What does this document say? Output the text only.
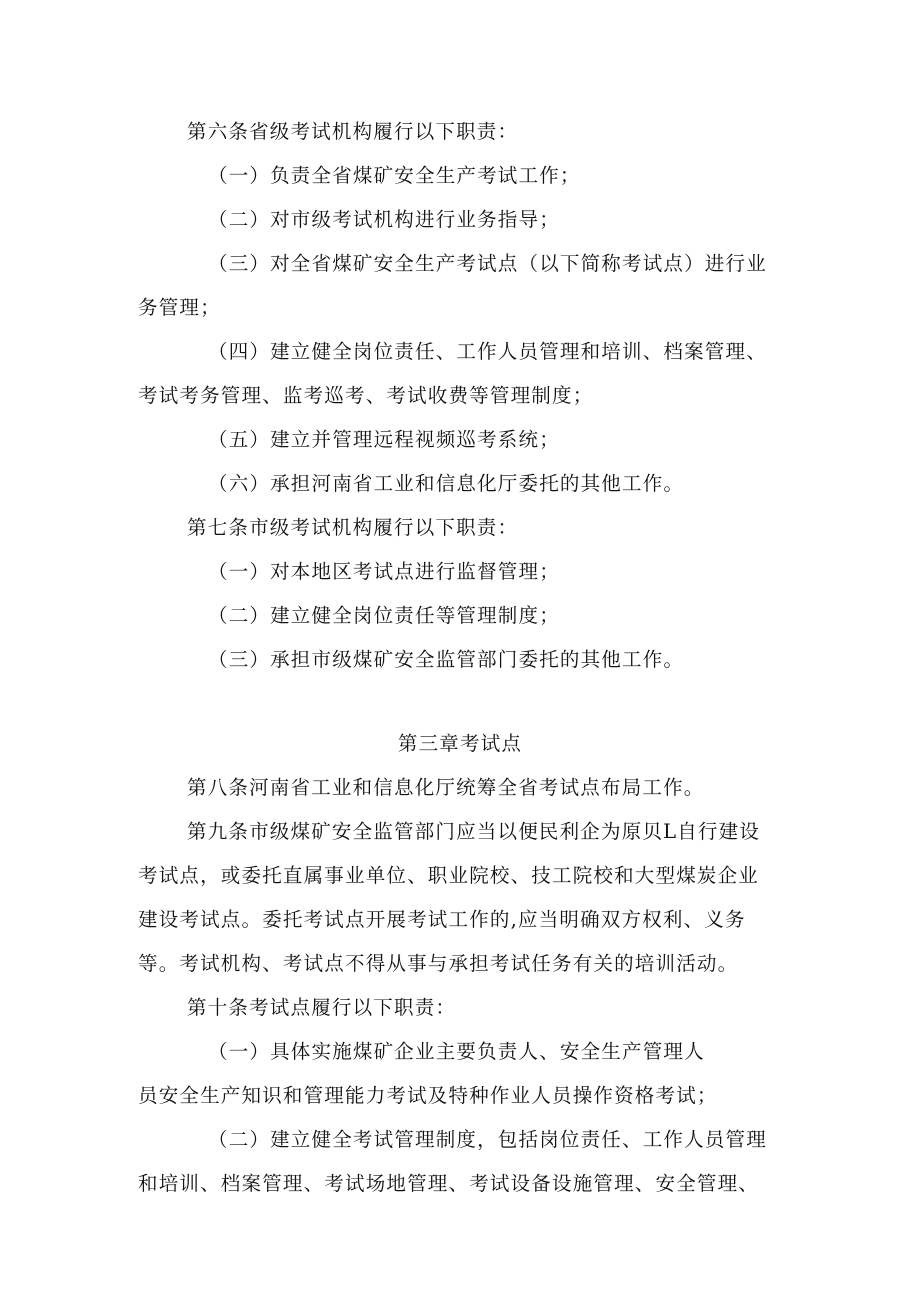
第六条省级考试机构履行以下职责：
（一）负责全省煤矿安全生产考试工作；
（二）对市级考试机构进行业务指导；
（三）对全省煤矿安全生产考试点（以下简称考试点）进行业
务管理；
（四）建立健全岗位责任、工作人员管理和培训、档案管理、
考试考务管理、监考巡考、考试收费等管理制度；
（五）建立并管理远程视频巡考系统；
（六）承担河南省工业和信息化厅委托的其他工作。
第七条市级考试机构履行以下职责：
（一）对本地区考试点进行监督管理；
（二）建立健全岗位责任等管理制度；
（三）承担市级煤矿安全监管部门委托的其他工作。
第三章考试点
第八条河南省工业和信息化厅统筹全省考试点布局工作。
第九条市级煤矿安全监管部门应当以便民利企为原贝L自行建设
考试点，或委托直属事业单位、职业院校、技工院校和大型煤炭企业
建设考试点。委托考试点开展考试工作的,应当明确双方权利、义务
等。考试机构、考试点不得从事与承担考试任务有关的培训活动。
第十条考试点履行以下职责：
（一）具体实施煤矿企业主要负责人、安全生产管理人
员安全生产知识和管理能力考试及特种作业人员操作资格考试；
（二）建立健全考试管理制度，包括岗位责任、工作人员管理
和培训、档案管理、考试场地管理、考试设备设施管理、安全管理、
